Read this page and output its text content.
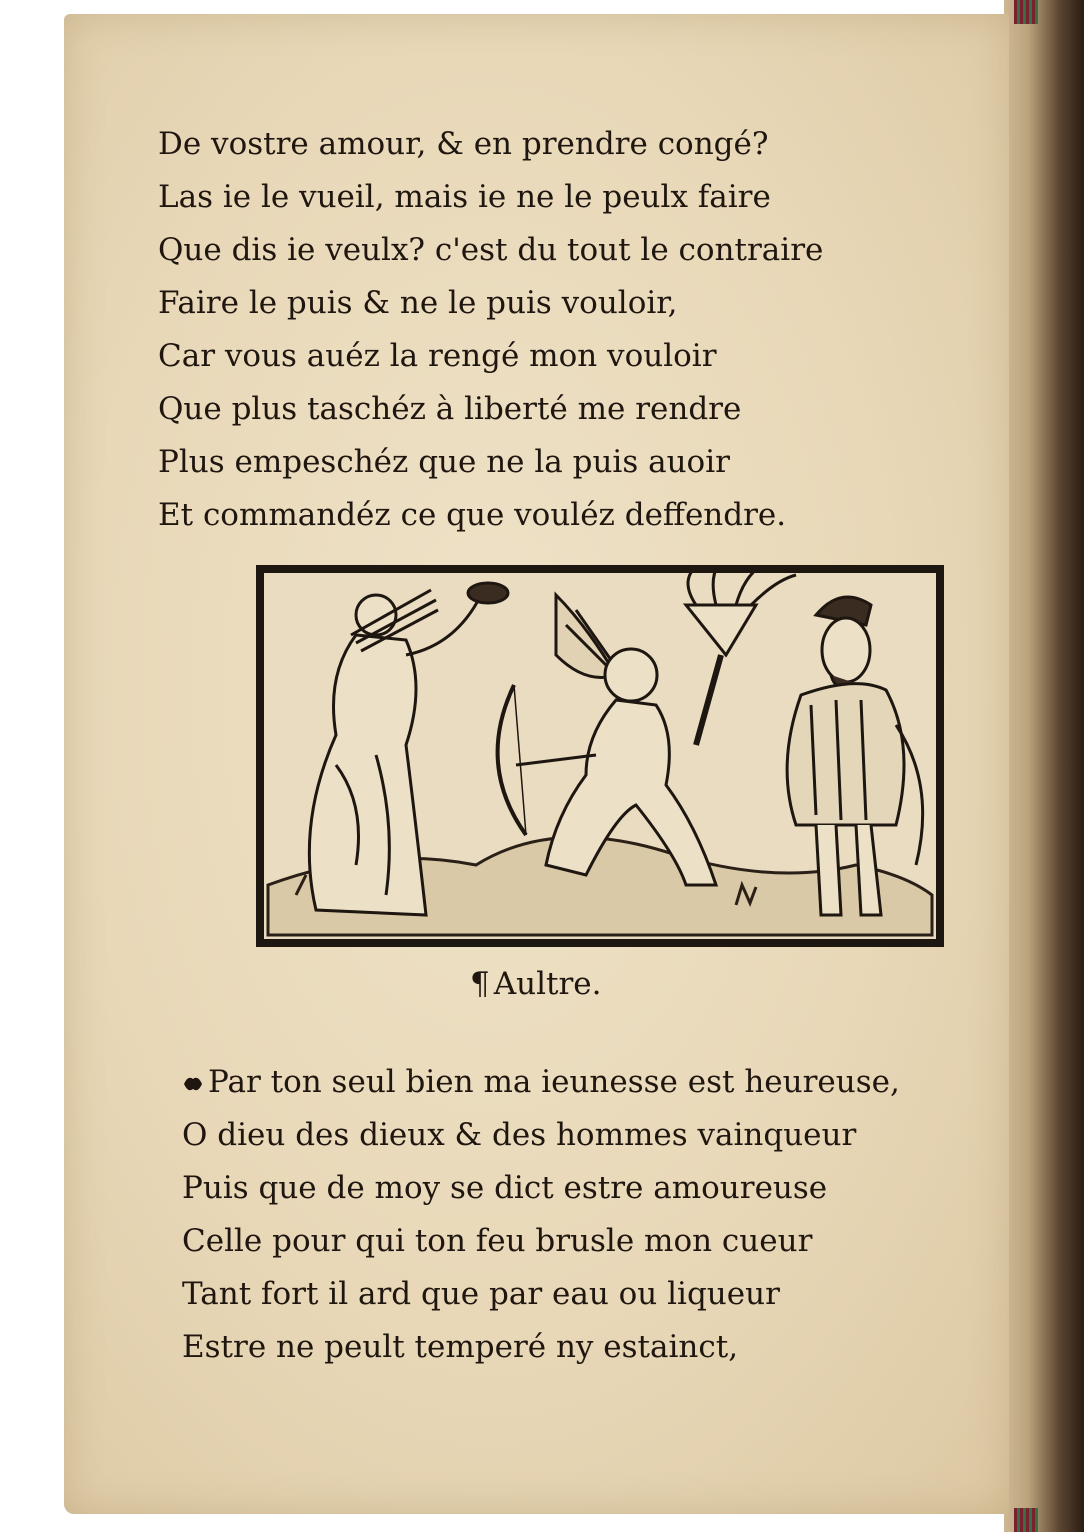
De vostre amour, & en prendre congé?
Las ie le vueil, mais ie ne le peulx faire
Que dis ie veulx? c'est du tout le contraire
Faire le puis & ne le puis vouloir,
Car vous auéz la rengé mon vouloir
Que plus taschéz à liberté me rendre
Plus empeschéz que ne la puis auoir
Et commandéz ce que vouléz deffendre.
¶ Aultre.
Par ton seul bien ma ieunesse est heureuse,
O dieu des dieux & des hommes vainqueur
Puis que de moy se dict estre amoureuse
Celle pour qui ton feu brusle mon cueur
Tant fort il ard que par eau ou liqueur
Estre ne peult temperé ny estainct,
